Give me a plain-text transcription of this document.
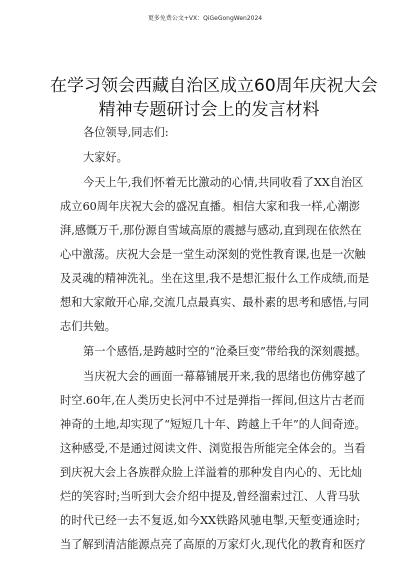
更多免费公文+VX：QiGeGongWen2024
在学习领会西藏自治区成立60周年庆祝大会
精神专题研讨会上的发言材料
各位领导,同志们:
大家好。
今天上午,我们怀着无比激动的心情,共同收看了XX自治区
成立60周年庆祝大会的盛况直播。相信大家和我一样,心潮澎
湃,感慨万千,那份源自雪域高原的震撼与感动,直到现在依然在
心中激荡。庆祝大会是一堂生动深刻的党性教育课,也是一次触
及灵魂的精神洗礼。坐在这里,我不是想汇报什么工作成绩,而是
想和大家敞开心扉,交流几点最真实、最朴素的思考和感悟,与同
志们共勉。
第一个感悟,是跨越时空的“沧桑巨变”带给我的深刻震撼。
当庆祝大会的画面一幕幕铺展开来,我的思绪也仿佛穿越了
时空.60年,在人类历史长河中不过是弹指一挥间,但这片古老而
神奇的土地,却实现了“短短几十年、跨越上千年”的人间奇迹。
这种感受,不是通过阅读文件、浏览报告所能完全体会的。当看
到庆祝大会上各族群众脸上洋溢着的那种发自内心的、无比灿
烂的笑容时;当听到大会介绍中提及,曾经溜索过江、人背马驮
的时代已经一去不复返,如今XX铁路风驰电掣,天堑变通途时;
当了解到清洁能源点亮了高原的万家灯火,现代化的教育和医疗
